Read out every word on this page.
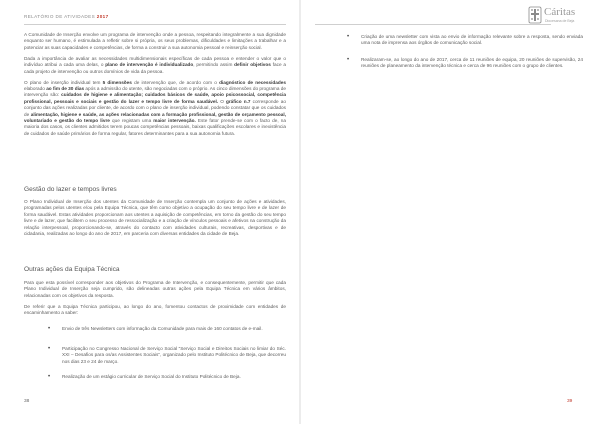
RELATÓRIO DE ATIVIDADES 2017

A Comunidade de Inserção envolve um programa de intervenção onde a pessoa, respeitando integralmente a sua dignidade enquanto ser humano, é estimulada a refletir sobre si própria, os seus problemas, dificuldades e limitações a trabalhar e a potenciar as suas capacidades e competências, de forma a construir a sua autonomia pessoal e reinserção social.

Dada a importância de avaliar as necessidades multidimensionais específicas de cada pessoa e entender o valor que o indivíduo atribui a cada uma delas, o plano de intervenção é individualizado, permitindo assim definir objetivos face a cada projeto de intervenção ou outros domínios de vida da pessoa.

O plano de inserção individual tem 5 dimensões de intervenção que, de acordo com o diagnóstico de necessidades elaborado ao fim de 30 dias após a admissão do utente, são negociadas com o próprio. As cinco dimensões do programa de intervenção são: cuidados de higiene e alimentação; cuidados básicos de saúde, apoio psicossocial, competência profissional, pessoais e sociais e gestão do lazer e tempo livre de forma saudável. O gráfico n.7 corresponde ao conjunto das ações realizadas por cliente, de acordo com o plano de inserção individual, podendo constatar que os cuidados de alimentação, higiene e saúde, as ações relacionadas com a formação profissional, gestão de orçamento pessoal, voluntariado e gestão do tempo livre que registam uma maior intervenção. Este fator prende-se com o facto de, na maioria dos casos, os clientes admitidos terem poucas competências pessoais, baixas qualificações escolares e inexistência de cuidados de saúde primários de forma regular, fatores determinantes para a sua autonomia futura.

Gestão do lazer e tempos livres

O Plano Individual de Inserção dos utentes da Comunidade de Inserção contempla um conjunto de ações e atividades, programadas pelos utentes e/ou pela Equipa Técnica, que têm como objetivo a ocupação do seu tempo livre e de lazer de forma saudável. Estas atividades proporcionam aos utentes a aquisição de competências, em torno da gestão do seu tempo livre e de lazer, que facilitem o seu processo de ressocialização e a criação de vínculos pessoais e afetivos na construção da relação interpessoal, proporcionando-se, através do contacto com atividades culturais, recreativas, desportivas e de cidadania, realizadas ao longo do ano de 2017, em parceria com diversas entidades da cidade de Beja.

Outras ações da Equipa Técnica

Para que esta possível corresponder aos objetivos do Programa de Intervenção, e consequentemente, permitir que cada Plano Individual de Inserção seja cumprido, são delineadas outras ações pela Equipa Técnica em vários âmbitos, relacionadas com os objetivos da resposta.

De referir que a Equipa Técnica participou, ao longo do ano, fomentou contactos de proximidade com entidades de encaminhamento a saber:

•	Envio de três Newsletters com informação da Comunidade para mais de 160 contatos de e-mail.
•	Participação no Congresso Nacional de Serviço Social “Serviço Social e Direitos Sociais no limiar do Séc. XXI – Desafios para os/as Assistentes Sociais”, organizado pelo Instituto Politécnico de Beja, que decorreu nos dias 23 e 24 de março.
•	Realização de um estágio curricular de Serviço Social do Instituto Politécnico de Beja.
38
•	Criação de uma newsletter com vista ao envio de informação relevante sobre a resposta, sendo enviada uma nota de imprensa aos órgãos de comunicação social.
•	Realizaram-se, ao longo do ano de 2017, cerca de 11 reuniões de equipa, 20 reuniões de supervisão, 24 reuniões de planeamento da intervenção técnica e cerca de 96 reuniões com o grupo de clientes.
39
Cáritas
Diocesana de Beja
